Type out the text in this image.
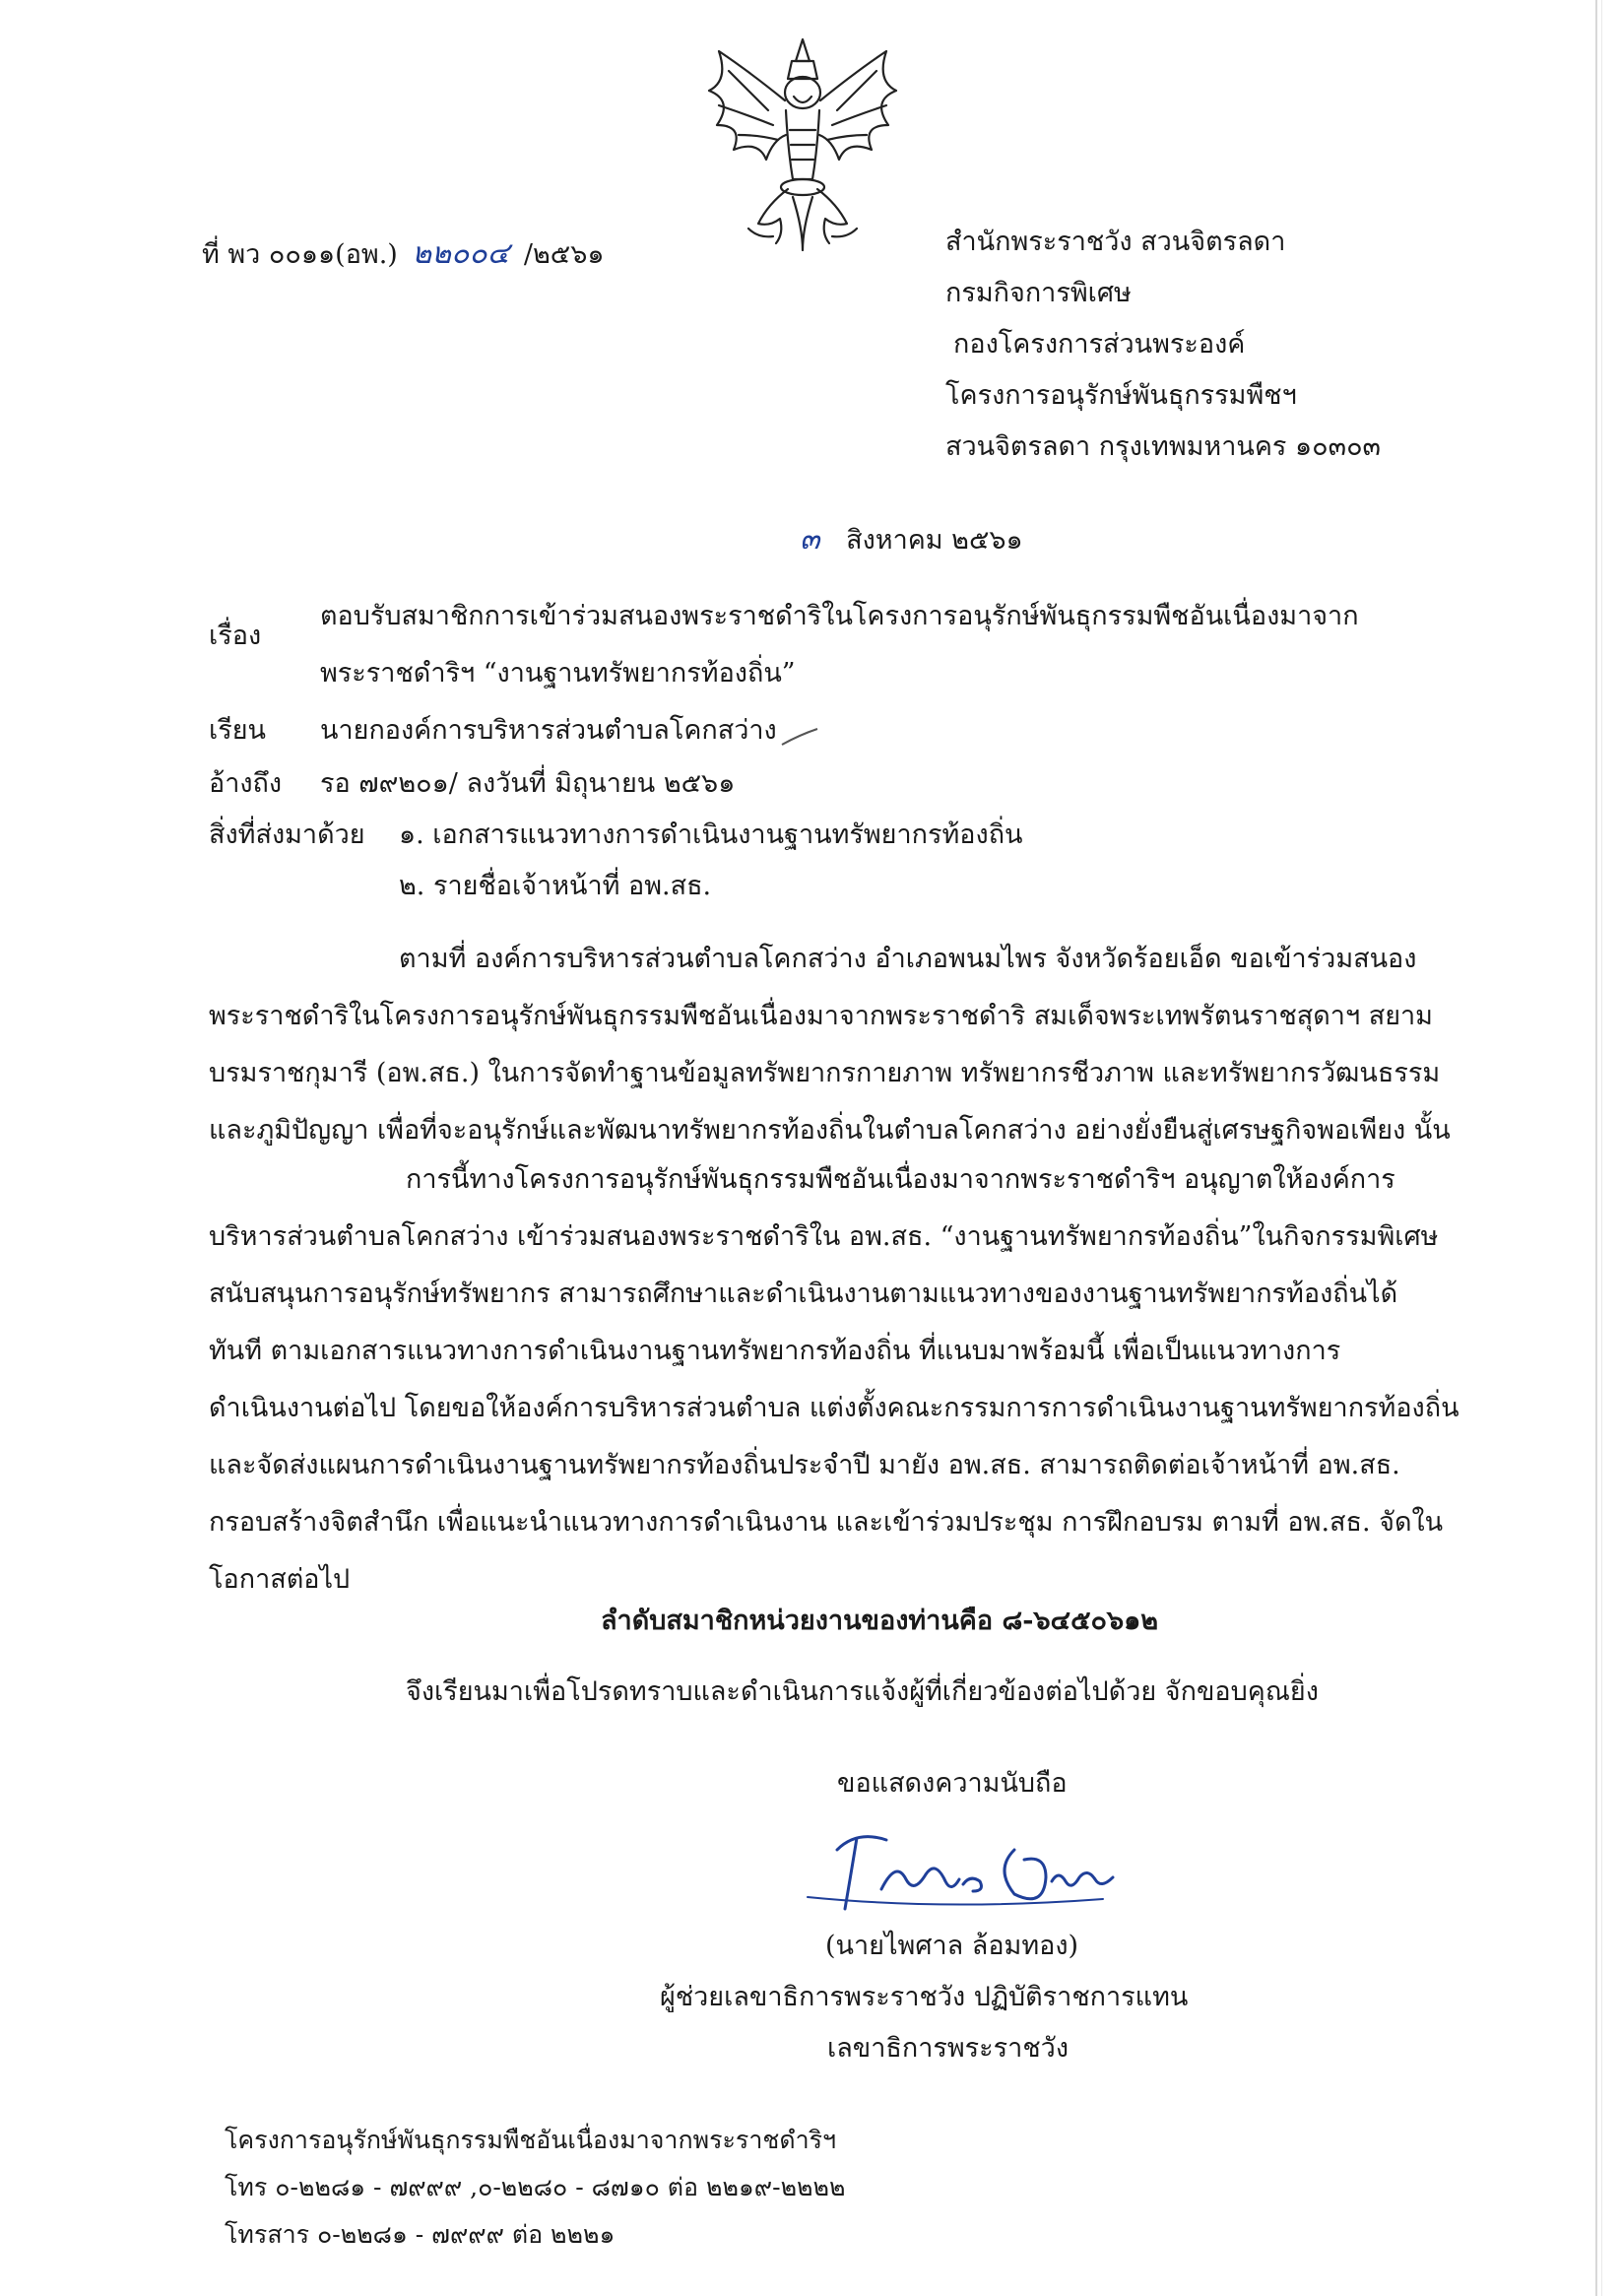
ที่ พว ๐๐๑๑(อพ.) ๒๒๐๐๔ /๒๕๖๑	สำนักพระราชวัง สวนจิตรลดา
กรมกิจการพิเศษ
กองโครงการส่วนพระองค์
โครงการอนุรักษ์พันธุกรรมพืชฯ
สวนจิตรลดา กรุงเทพมหานคร ๑๐๓๐๓
๓ สิงหาคม ๒๕๖๑
เรื่อง
ตอบรับสมาชิกการเข้าร่วมสนองพระราชดำริในโครงการอนุรักษ์พันธุกรรมพืชอันเนื่องมาจาก
พระราชดำริฯ “งานฐานทรัพยากรท้องถิ่น”
เรียน นายกองค์การบริหารส่วนตำบลโคกสว่าง
อ้างถึง รอ ๗๙๒๐๑/ ลงวันที่ มิถุนายน ๒๕๖๑
สิ่งที่ส่งมาด้วย ๑. เอกสารแนวทางการดำเนินงานฐานทรัพยากรท้องถิ่น
๒. รายชื่อเจ้าหน้าที่ อพ.สธ.
ตามที่ องค์การบริหารส่วนตำบลโคกสว่าง อำเภอพนมไพร จังหวัดร้อยเอ็ด ขอเข้าร่วมสนอง
พระราชดำริในโครงการอนุรักษ์พันธุกรรมพืชอันเนื่องมาจากพระราชดำริ สมเด็จพระเทพรัตนราชสุดาฯ สยาม
บรมราชกุมารี (อพ.สธ.) ในการจัดทำฐานข้อมูลทรัพยากรกายภาพ ทรัพยากรชีวภาพ และทรัพยากรวัฒนธรรม
และภูมิปัญญา เพื่อที่จะอนุรักษ์และพัฒนาทรัพยากรท้องถิ่นในตำบลโคกสว่าง อย่างยั่งยืนสู่เศรษฐกิจพอเพียง นั้น
การนี้ทางโครงการอนุรักษ์พันธุกรรมพืชอันเนื่องมาจากพระราชดำริฯ อนุญาตให้องค์การ
บริหารส่วนตำบลโคกสว่าง เข้าร่วมสนองพระราชดำริใน อพ.สธ. “งานฐานทรัพยากรท้องถิ่น”ในกิจกรรมพิเศษ
สนับสนุนการอนุรักษ์ทรัพยากร สามารถศึกษาและดำเนินงานตามแนวทางของงานฐานทรัพยากรท้องถิ่นได้
ทันที ตามเอกสารแนวทางการดำเนินงานฐานทรัพยากรท้องถิ่น ที่แนบมาพร้อมนี้ เพื่อเป็นแนวทางการ
ดำเนินงานต่อไป โดยขอให้องค์การบริหารส่วนตำบล แต่งตั้งคณะกรรมการการดำเนินงานฐานทรัพยากรท้องถิ่น
และจัดส่งแผนการดำเนินงานฐานทรัพยากรท้องถิ่นประจำปี มายัง อพ.สธ. สามารถติดต่อเจ้าหน้าที่ อพ.สธ.
กรอบสร้างจิตสำนึก เพื่อแนะนำแนวทางการดำเนินงาน และเข้าร่วมประชุม การฝึกอบรม ตามที่ อพ.สธ. จัดใน
โอกาสต่อไป
ลำดับสมาชิกหน่วยงานของท่านคือ ๘-๖๔๕๐๖๑๒
จึงเรียนมาเพื่อโปรดทราบและดำเนินการแจ้งผู้ที่เกี่ยวข้องต่อไปด้วย จักขอบคุณยิ่ง
ขอแสดงความนับถือ
(นายไพศาล ล้อมทอง)
ผู้ช่วยเลขาธิการพระราชวัง ปฏิบัติราชการแทน
เลขาธิการพระราชวัง
โครงการอนุรักษ์พันธุกรรมพืชอันเนื่องมาจากพระราชดำริฯ
โทร ๐-๒๒๘๑ - ๗๙๙๙ ,๐-๒๒๘๐ - ๘๗๑๐ ต่อ ๒๒๑๙-๒๒๒๒
โทรสาร ๐-๒๒๘๑ - ๗๙๙๙ ต่อ ๒๒๒๑
